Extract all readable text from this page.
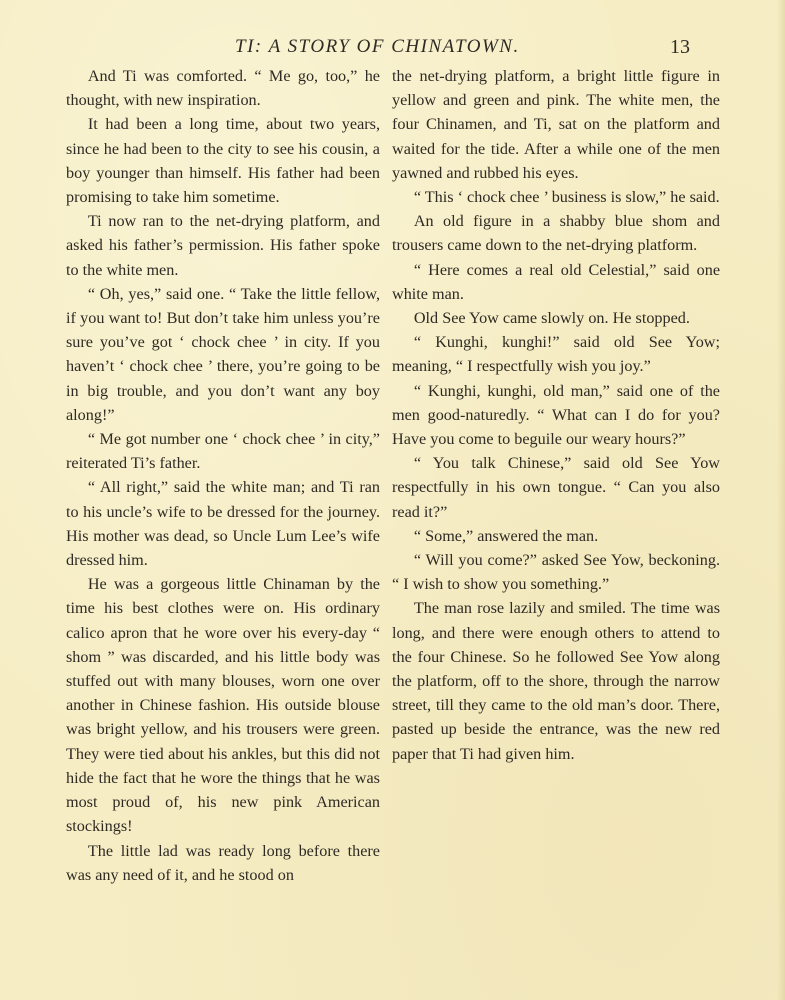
TI: A STORY OF CHINATOWN.	13

And Ti was comforted. “ Me go, too,” he thought, with new inspiration.

It had been a long time, about two years, since he had been to the city to see his cousin, a boy younger than himself. His father had been promising to take him sometime.

Ti now ran to the net-drying platform, and asked his father’s permission. His father spoke to the white men.

“ Oh, yes,” said one. “ Take the little fellow, if you want to! But don’t take him unless you’re sure you’ve got ‘ chock chee ’ in city. If you haven’t ‘ chock chee ’ there, you’re going to be in big trouble, and you don’t want any boy along!”

“ Me got number one ‘ chock chee ’ in city,” reiterated Ti’s father.

“ All right,” said the white man; and Ti ran to his uncle’s wife to be dressed for the journey. His mother was dead, so Uncle Lum Lee’s wife dressed him.

He was a gorgeous little Chinaman by the time his best clothes were on. His ordinary calico apron that he wore over his every-day “ shom ” was discarded, and his little body was stuffed out with many blouses, worn one over another in Chinese fashion. His outside blouse was bright yellow, and his trousers were green. They were tied about his ankles, but this did not hide the fact that he wore the things that he was most proud of, his new pink American stockings!

The little lad was ready long before there was any need of it, and he stood on

the net-drying platform, a bright little figure in yellow and green and pink. The white men, the four Chinamen, and Ti, sat on the platform and waited for the tide. After a while one of the men yawned and rubbed his eyes.

“ This ‘ chock chee ’ business is slow,” he said.

An old figure in a shabby blue shom and trousers came down to the net-drying platform.

“ Here comes a real old Celestial,” said one white man.

Old See Yow came slowly on. He stopped.

“ Kunghi, kunghi!” said old See Yow; meaning, “ I respectfully wish you joy.”

“ Kunghi, kunghi, old man,” said one of the men good-naturedly. “ What can I do for you? Have you come to beguile our weary hours?”

“ You talk Chinese,” said old See Yow respectfully in his own tongue. “ Can you also read it?”

“ Some,” answered the man.

“ Will you come?” asked See Yow, beckoning. “ I wish to show you something.”

The man rose lazily and smiled. The time was long, and there were enough others to attend to the four Chinese. So he followed See Yow along the platform, off to the shore, through the narrow street, till they came to the old man’s door. There, pasted up beside the entrance, was the new red paper that Ti had given him.
